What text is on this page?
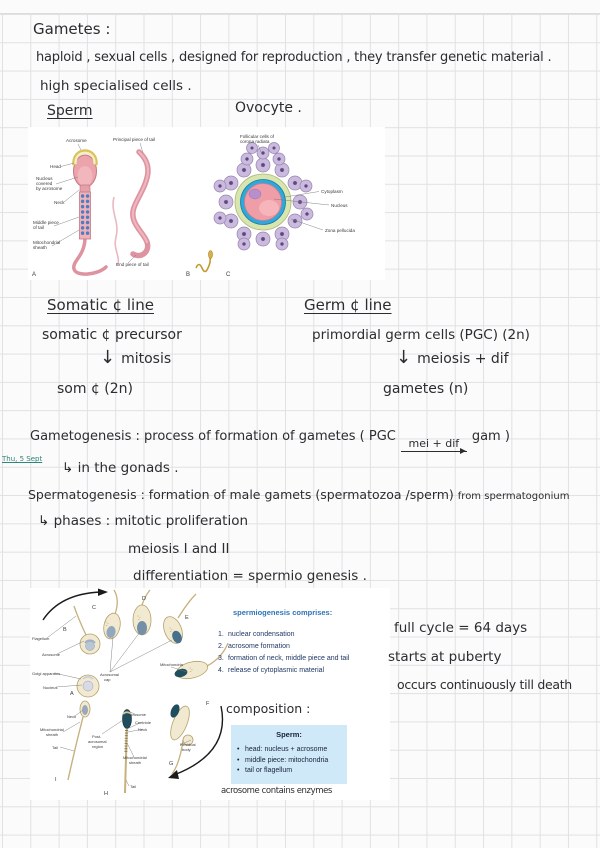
Gametes :
haploid , sexual cells , designed for reproduction , they transfer genetic material .
high specialised cells .
Sperm	Ovocyte .
Acrosome
Head
Nucleus
covered
by acrosome
Neck
Middle piece
of tail
Mitochondrial
sheath
Principal piece of tail
End piece of tail
A	B
Follicular cells of
corona radiata
Cytoplasm
Nucleus
Zona pellucida
C
Somatic ¢ line
somatic ¢ precursor
↓ mitosis
som ¢ (2n)
Germ ¢ line
primordial germ cells (PGC) (2n)
↓ meiosis + dif
gametes (n)
Gametogenesis : process of formation of gametes ( PGC mei + dif gam )
Thu, 5 Sept
↳ in the gonads .
Spermatogenesis : formation of male gamets (spermatozoa /sperm) from spermatogonium
↳ phases : mitotic proliferation
meiosis I and II
differentiation = spermio genesis .
A
B
C
D
E
F
G
H
I
Flagellum
Acrosome
Golgi apparatus
Nucleus
Acrosomal
cap
Mitochondria
Neck
Mitochondrial
sheath
Tail
Post-
acrosomal
region
Acrosome
Centriole
Neck
Mitochondrial
sheath
Residual
body
Tail
spermiogenesis comprises:
1. nuclear condensation
2. acrosome formation
3. formation of neck, middle piece and tail
4. release of cytoplasmic material
composition :
Sperm:
• head: nucleus + acrosome
• middle piece: mitochondria
• tail or flagellum
acrosome contains enzymes
full cycle = 64 days
starts at puberty
occurs continuously till death
